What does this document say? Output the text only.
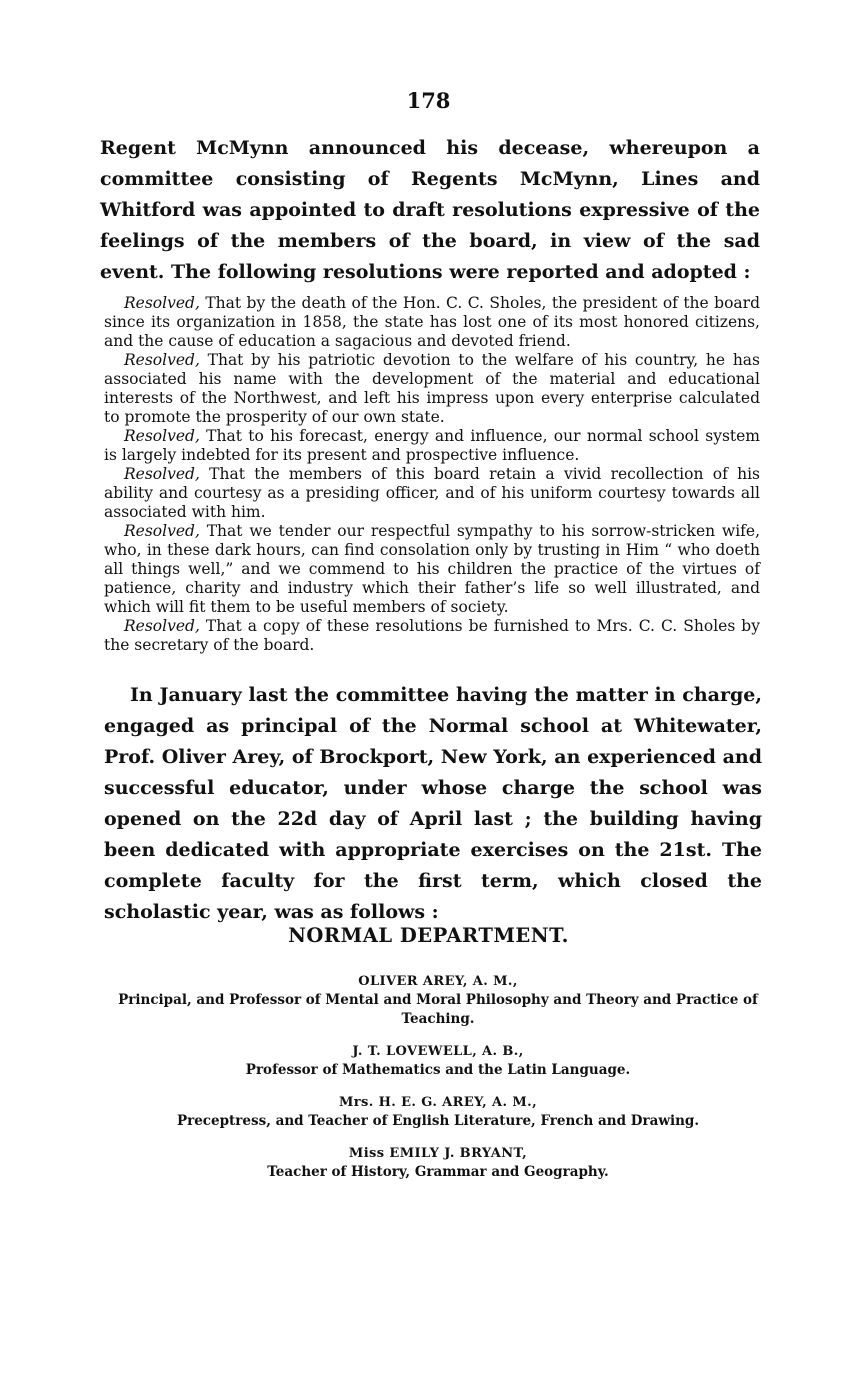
178

Regent McMynn announced his decease, whereupon a committee consisting of Regents McMynn, Lines and Whitford was appointed to draft resolutions expressive of the feelings of the members of the board, in view of the sad event. The following resolutions were reported and adopted :

Resolved, That by the death of the Hon. C. C. Sholes, the president of the board since its organization in 1858, the state has lost one of its most honored citizens, and the cause of education a sagacious and devoted friend.

Resolved, That by his patriotic devotion to the welfare of his country, he has associated his name with the development of the material and educational interests of the Northwest, and left his impress upon every enterprise calculated to promote the prosperity of our own state.

Resolved, That to his forecast, energy and influence, our normal school system is largely indebted for its present and prospective influence.

Resolved, That the members of this board retain a vivid recollection of his ability and courtesy as a presiding officer, and of his uniform courtesy towards all associated with him.

Resolved, That we tender our respectful sympathy to his sorrow-stricken wife, who, in these dark hours, can find consolation only by trusting in Him “ who doeth all things well,” and we commend to his children the practice of the virtues of patience, charity and industry which their father’s life so well illustrated, and which will fit them to be useful members of society.

Resolved, That a copy of these resolutions be furnished to Mrs. C. C. Sholes by the secretary of the board.

In January last the committee having the matter in charge, engaged as principal of the Normal school at Whitewater, Prof. Oliver Arey, of Brockport, New York, an experienced and successful educator, under whose charge the school was opened on the 22d day of April last ; the building having been dedicated with appropriate exercises on the 21st. The complete faculty for the first term, which closed the scholastic year, was as follows :

NORMAL DEPARTMENT.
OLIVER AREY, A. M.,
Principal, and Professor of Mental and Moral Philosophy and Theory and Practice of Teaching.
J. T. LOVEWELL, A. B.,
Professor of Mathematics and the Latin Language.
Mrs. H. E. G. AREY, A. M.,
Preceptress, and Teacher of English Literature, French and Drawing.
Miss EMILY J. BRYANT,
Teacher of History, Grammar and Geography.
